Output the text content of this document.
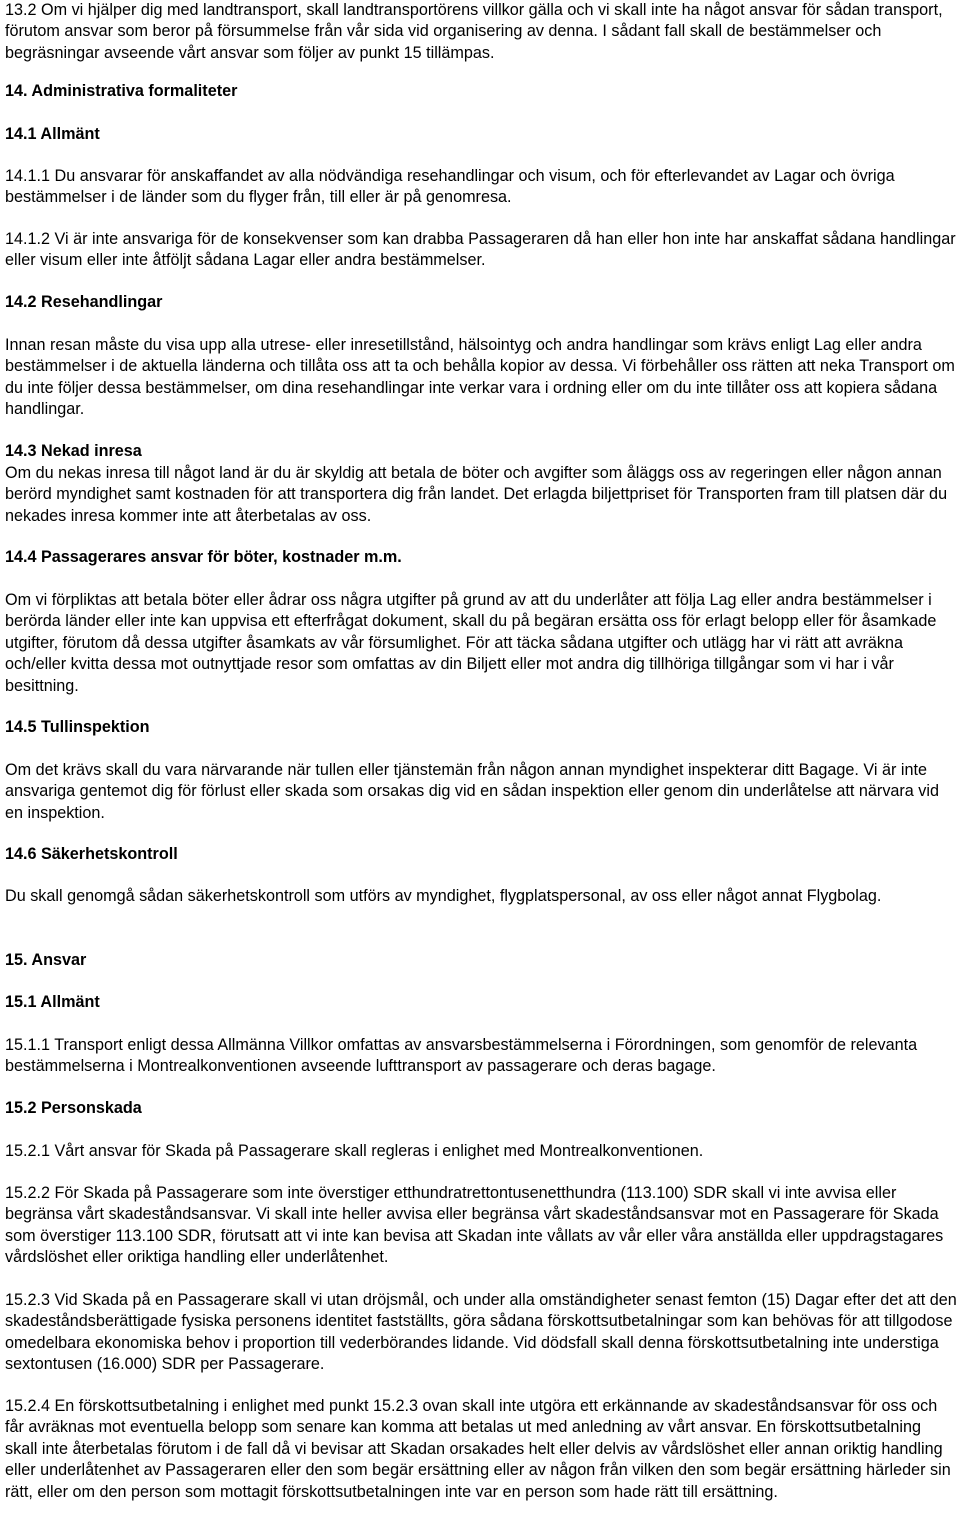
13.2 Om vi hjälper dig med landtransport, skall landtransportörens villkor gälla och vi skall inte ha något ansvar för sådan transport, förutom ansvar som beror på försummelse från vår sida vid organisering av denna. I sådant fall skall de bestämmelser och begräsningar avseende vårt ansvar som följer av punkt 15 tillämpas.

14. Administrativa formaliteter

14.1 Allmänt

14.1.1 Du ansvarar för anskaffandet av alla nödvändiga resehandlingar och visum, och för efterlevandet av Lagar och övriga bestämmelser i de länder som du flyger från, till eller är på genomresa.

14.1.2 Vi är inte ansvariga för de konsekvenser som kan drabba Passageraren då han eller hon inte har anskaffat sådana handlingar eller visum eller inte åtföljt sådana Lagar eller andra bestämmelser.

14.2 Resehandlingar

Innan resan måste du visa upp alla utrese- eller inresetillstånd, hälsointyg och andra handlingar som krävs enligt Lag eller andra bestämmelser i de aktuella länderna och tillåta oss att ta och behålla kopior av dessa. Vi förbehåller oss rätten att neka Transport om du inte följer dessa bestämmelser, om dina resehandlingar inte verkar vara i ordning eller om du inte tillåter oss att kopiera sådana handlingar.

14.3 Nekad inresa

Om du nekas inresa till något land är du är skyldig att betala de böter och avgifter som åläggs oss av regeringen eller någon annan berörd myndighet samt kostnaden för att transportera dig från landet. Det erlagda biljettpriset för Transporten fram till platsen där du nekades inresa kommer inte att återbetalas av oss.

14.4 Passagerares ansvar för böter, kostnader m.m.

Om vi förpliktas att betala böter eller ådrar oss några utgifter på grund av att du underlåter att följa Lag eller andra bestämmelser i berörda länder eller inte kan uppvisa ett efterfrågat dokument, skall du på begäran ersätta oss för erlagt belopp eller för åsamkade utgifter, förutom då dessa utgifter åsamkats av vår försumlighet. För att täcka sådana utgifter och utlägg har vi rätt att avräkna och/eller kvitta dessa mot outnyttjade resor som omfattas av din Biljett eller mot andra dig tillhöriga tillgångar som vi har i vår besittning.

14.5 Tullinspektion

Om det krävs skall du vara närvarande när tullen eller tjänstemän från någon annan myndighet inspekterar ditt Bagage. Vi är inte ansvariga gentemot dig för förlust eller skada som orsakas dig vid en sådan inspektion eller genom din underlåtelse att närvara vid en inspektion.

14.6 Säkerhetskontroll

Du skall genomgå sådan säkerhetskontroll som utförs av myndighet, flygplatspersonal, av oss eller något annat Flygbolag.

15. Ansvar

15.1 Allmänt

15.1.1 Transport enligt dessa Allmänna Villkor omfattas av ansvarsbestämmelserna i Förordningen, som genomför de relevanta bestämmelserna i Montrealkonventionen avseende lufttransport av passagerare och deras bagage.

15.2 Personskada

15.2.1 Vårt ansvar för Skada på Passagerare skall regleras i enlighet med Montrealkonventionen.

15.2.2 För Skada på Passagerare som inte överstiger etthundratrettontusenetthundra (113.100) SDR skall vi inte avvisa eller begränsa vårt skadeståndsansvar. Vi skall inte heller avvisa eller begränsa vårt skadeståndsansvar mot en Passagerare för Skada som överstiger 113.100 SDR, förutsatt att vi inte kan bevisa att Skadan inte vållats av vår eller våra anställda eller uppdragstagares vårdslöshet eller oriktiga handling eller underlåtenhet.

15.2.3 Vid Skada på en Passagerare skall vi utan dröjsmål, och under alla omständigheter senast femton (15) Dagar efter det att den skadeståndsberättigade fysiska personens identitet fastställts, göra sådana förskottsutbetalningar som kan behövas för att tillgodose omedelbara ekonomiska behov i proportion till vederbörandes lidande. Vid dödsfall skall denna förskottsutbetalning inte understiga sextontusen (16.000) SDR per Passagerare.

15.2.4 En förskottsutbetalning i enlighet med punkt 15.2.3 ovan skall inte utgöra ett erkännande av skadeståndsansvar för oss och får avräknas mot eventuella belopp som senare kan komma att betalas ut med anledning av vårt ansvar. En förskottsutbetalning skall inte återbetalas förutom i de fall då vi bevisar att Skadan orsakades helt eller delvis av vårdslöshet eller annan oriktig handling eller underlåtenhet av Passageraren eller den som begär ersättning eller av någon från vilken den som begär ersättning härleder sin rätt, eller om den person som mottagit förskottsutbetalningen inte var en person som hade rätt till ersättning.
